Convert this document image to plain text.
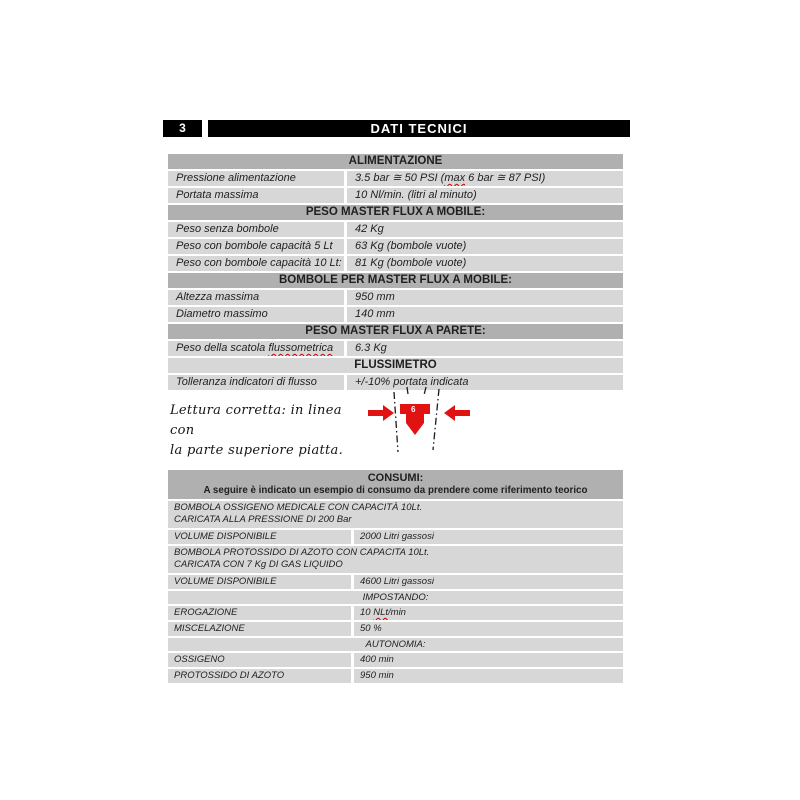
3	DATI TECNICI
ALIMENTAZIONE
Pressione alimentazione	3.5 bar ≅ 50 PSI (max 6 bar ≅ 87 PSI)
Portata massima	10 Nl/min. (litri al minuto)
PESO MASTER FLUX A MOBILE:
Peso senza bombole	42 Kg
Peso con bombole capacità 5 Lt	63 Kg (bombole vuote)
Peso con bombole capacità 10 Lt:	81 Kg (bombole vuote)
BOMBOLE PER MASTER FLUX A MOBILE:
Altezza massima	950 mm
Diametro massimo	140 mm
PESO MASTER FLUX A PARETE:
Peso della scatola flussometrica	6.3 Kg
FLUSSIMETRO
Tolleranza indicatori di flusso	+/-10% portata indicata
Lettura corretta: in linea con
la parte superiore piatta.
6
CONSUMI:
A seguire è indicato un esempio di consumo da prendere come riferimento teorico
BOMBOLA OSSIGENO MEDICALE CON CAPACITÀ 10Lt.
CARICATA ALLA PRESSIONE DI 200 Bar
VOLUME DISPONIBILE	2000 Litri gassosi
BOMBOLA PROTOSSIDO DI AZOTO CON CAPACITA 10Lt.
CARICATA CON 7 Kg DI GAS LIQUIDO
VOLUME DISPONIBILE	4600 Litri gassosi
IMPOSTANDO:
EROGAZIONE	10 NLt/min
MISCELAZIONE	50 %
AUTONOMIA:
OSSIGENO	400 min
PROTOSSIDO DI AZOTO	950 min
